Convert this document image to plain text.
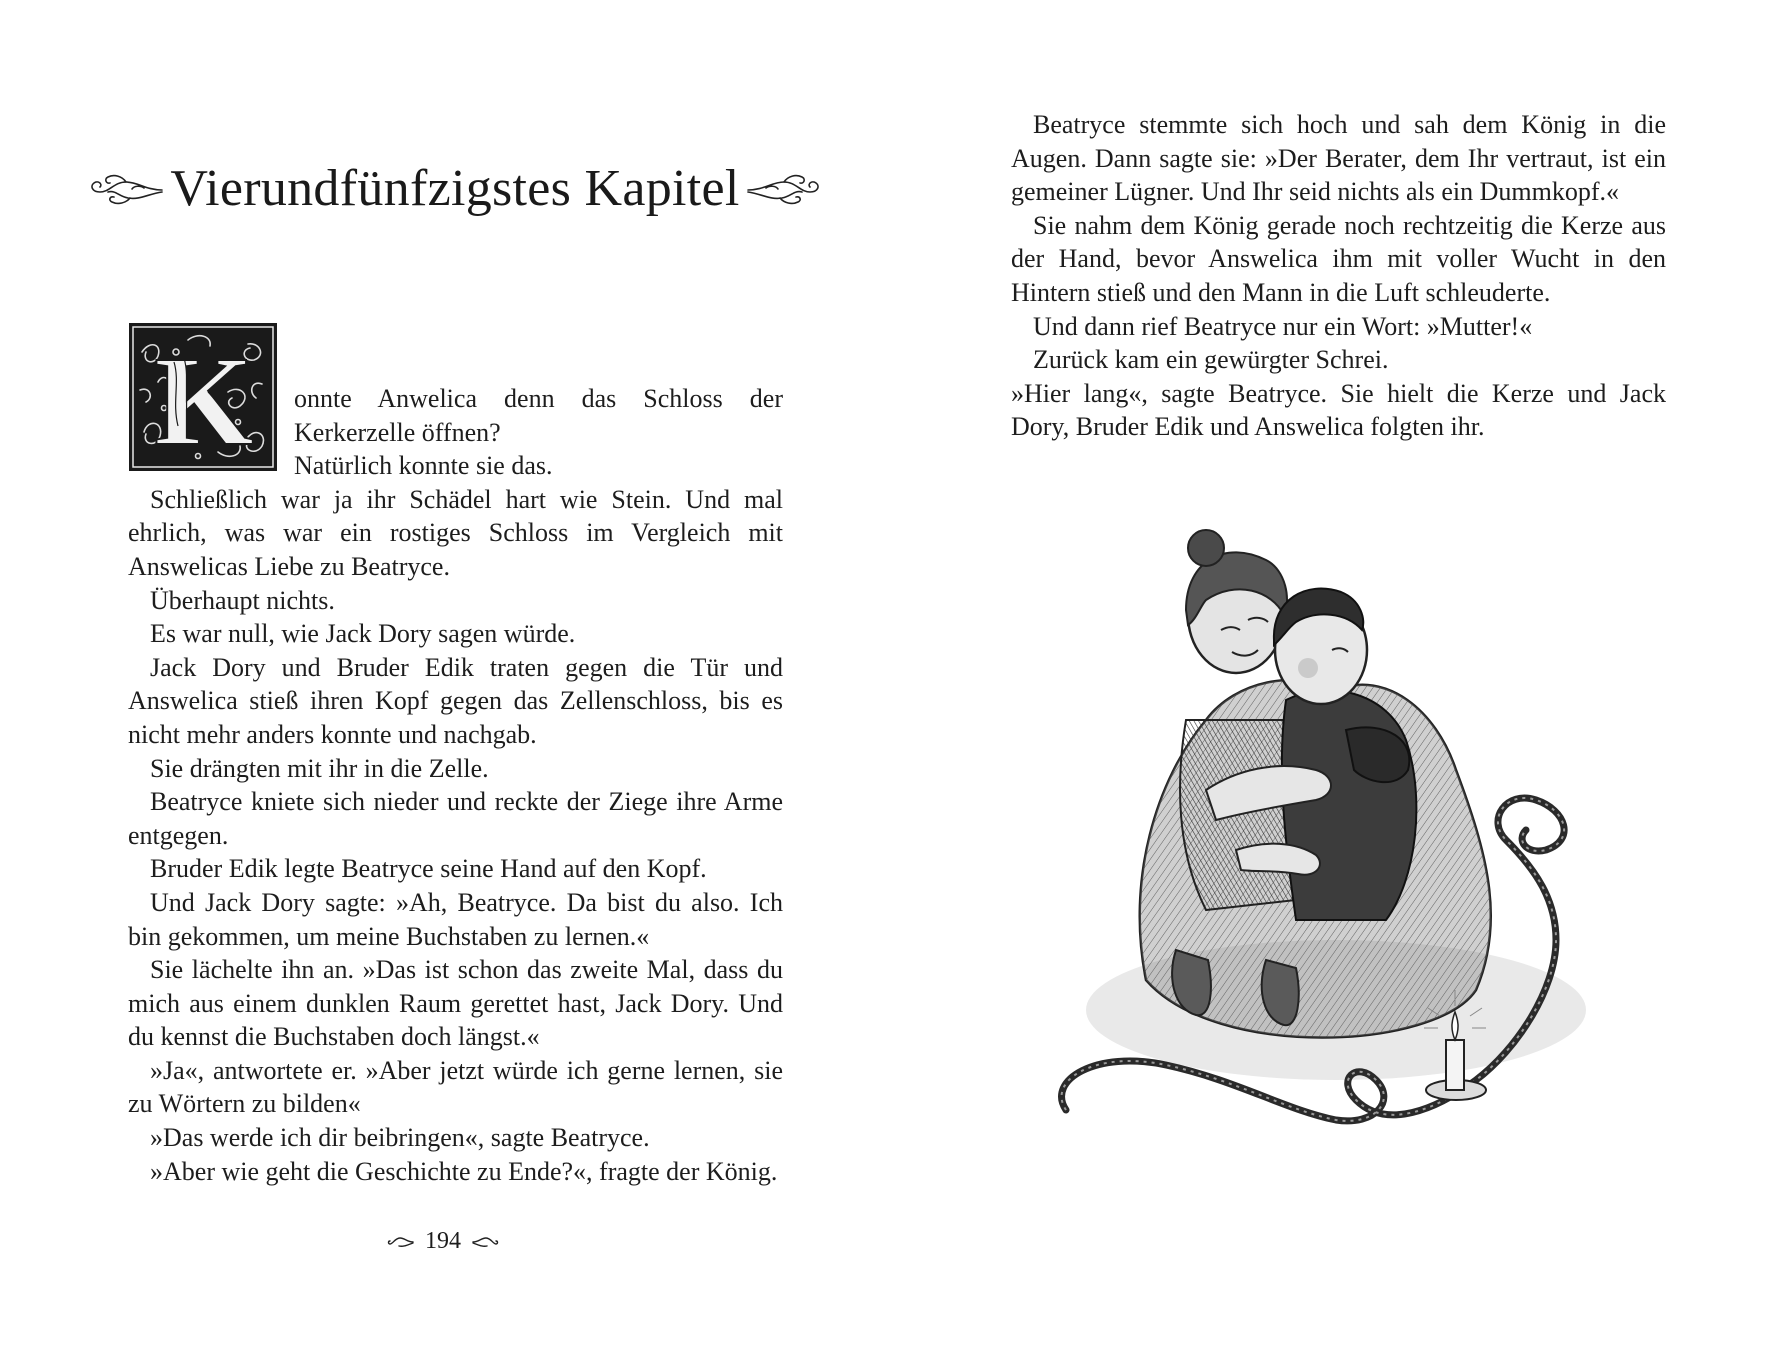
Vierundfünfzigstes Kapitel
K	onnte Anwelica denn das Schloss der Kerkerzelle öffnen?

Natürlich konnte sie das.

Schließlich war ja ihr Schädel hart wie Stein. Und mal ehrlich, was war ein rostiges Schloss im Vergleich mit Answelicas Liebe zu Beatryce.

Überhaupt nichts.

Es war null, wie Jack Dory sagen würde.

Jack Dory und Bruder Edik traten gegen die Tür und Answelica stieß ihren Kopf gegen das Zellenschloss, bis es nicht mehr anders konnte und nachgab.

Sie drängten mit ihr in die Zelle.

Beatryce kniete sich nieder und reckte der Ziege ihre Arme entgegen.

Bruder Edik legte Beatryce seine Hand auf den Kopf.

Und Jack Dory sagte: »Ah, Beatryce. Da bist du also. Ich bin gekommen, um meine Buchstaben zu lernen.«

Sie lächelte ihn an. »Das ist schon das zweite Mal, dass du mich aus einem dunklen Raum gerettet hast, Jack Dory. Und du kennst die Buchstaben doch längst.«

»Ja«, antwortete er. »Aber jetzt würde ich gerne lernen, sie zu Wörtern zu bilden«

»Das werde ich dir beibringen«, sagte Beatryce.

»Aber wie geht die Geschichte zu Ende?«, fragte der König.

194

Beatryce stemmte sich hoch und sah dem König in die Augen. Dann sagte sie: »Der Berater, dem Ihr vertraut, ist ein gemeiner Lügner. Und Ihr seid nichts als ein Dummkopf.«

Sie nahm dem König gerade noch rechtzeitig die Kerze aus der Hand, bevor Answelica ihm mit voller Wucht in den Hintern stieß und den Mann in die Luft schleuderte.

Und dann rief Beatryce nur ein Wort: »Mutter!«

Zurück kam ein gewürgter Schrei.

»Hier lang«, sagte Beatryce. Sie hielt die Kerze und Jack Dory, Bruder Edik und Answelica folgten ihr.
